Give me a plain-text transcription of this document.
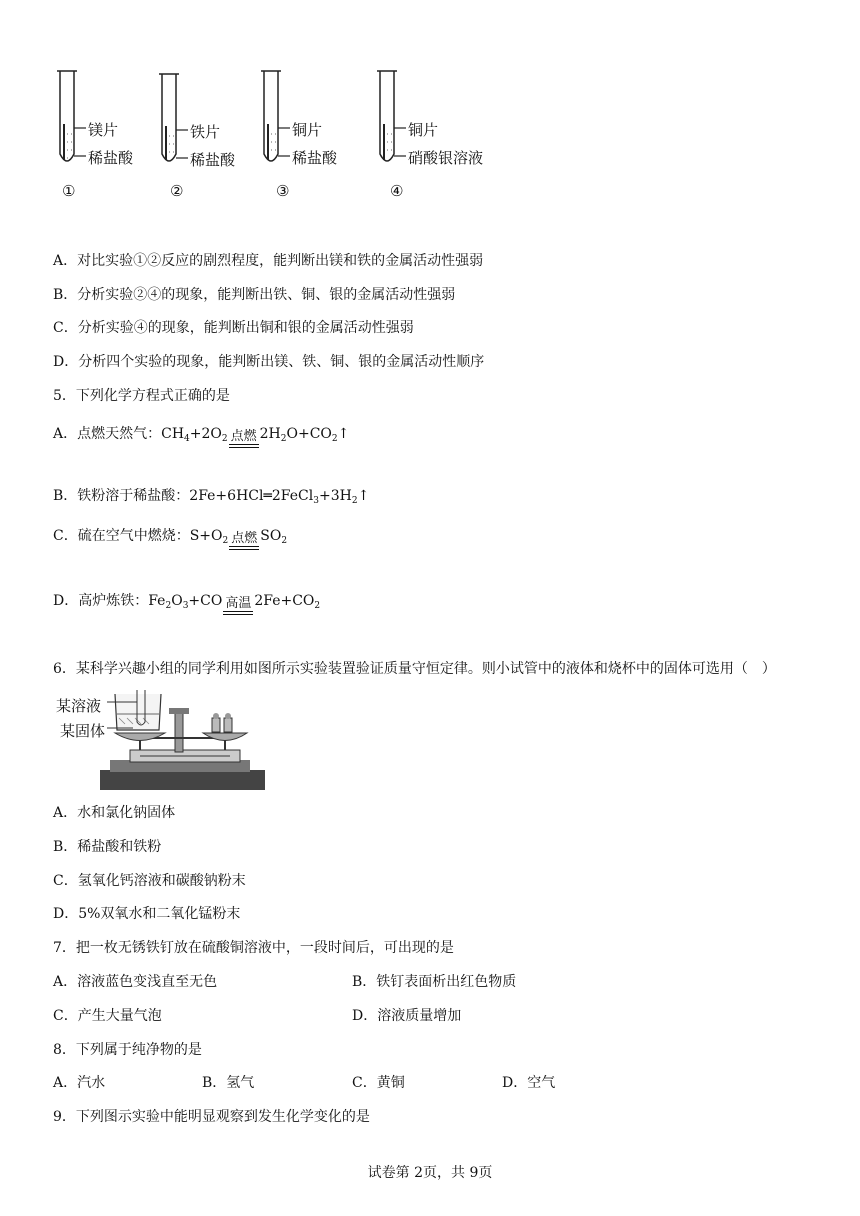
镁片
稀盐酸
铁片
稀盐酸
铜片
稀盐酸
铜片
硝酸银溶液
①	②	③	④
A．对比实验①②反应的剧烈程度，能判断出镁和铁的金属活动性强弱
B．分析实验②④的现象，能判断出铁、铜、银的金属活动性强弱
C．分析实验④的现象，能判断出铜和银的金属活动性强弱
D．分析四个实验的现象，能判断出镁、铁、铜、银的金属活动性顺序
5．下列化学方程式正确的是
A．点燃天然气：$CH_4+2O_2$ 点燃 $2H_2O+CO_2↑$
B．铁粉溶于稀盐酸：$2Fe+6HCl═2FeCl_3+3H_2↑$
C．硫在空气中燃烧：$S+O_2$ 点燃 $SO_2$
D．高炉炼铁：$Fe_2O_3+CO$ 高温 $2Fe+CO_2$
6．某科学兴趣小组的同学利用如图所示实验装置验证质量守恒定律。则小试管中的液体和烧杯中的固体可选用（　）
某溶液
某固体
A．水和氯化钠固体
B．稀盐酸和铁粉
C．氢氧化钙溶液和碳酸钠粉末
D．5%双氧水和二氧化锰粉末
7．把一枚无锈铁钉放在硫酸铜溶液中，一段时间后，可出现的是
A．溶液蓝色变浅直至无色	B．铁钉表面析出红色物质
C．产生大量气泡	D．溶液质量增加
8．下列属于纯净物的是
A．汽水	B．氢气	C．黄铜	D．空气
9．下列图示实验中能明显观察到发生化学变化的是
试卷第 2页，共 9页
